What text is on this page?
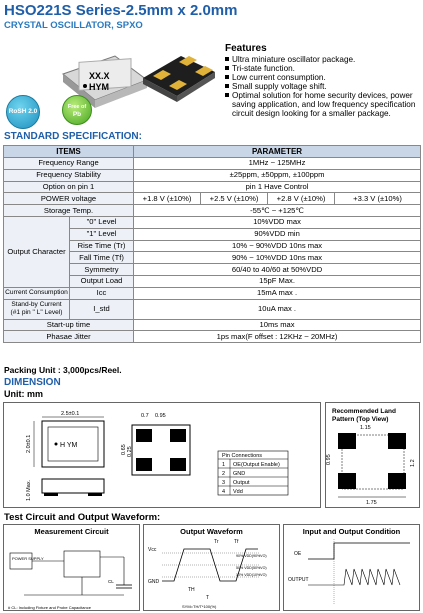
HSO221S Series-2.5mm x 2.0mm
CRYSTAL OSCILLATOR, SPXO
XX.X
HYM
RoSH 2.0
Free of
Pb
Features
Ultra miniature oscillator package.
Tri-state function.
Low current consumption.
Small supply voltage shift.
Optimal solution for home security devices, power saving application, and low frequency specification circuit design looking for a smaller package.
STANDARD SPECIFICATION:
ITEMS		PARAMETER			
Frequency Range		1MHz ~ 125MHz			
Frequency Stability		±25ppm, ±50ppm, ±100ppm			
Option on pin 1		pin 1 Have Control			
POWER voltage		+1.8 V (±10%)	+2.5 V (±10%)	+2.8 V (±10%)	+3.3 V (±10%)
Storage Temp.		-55℃ ~ +125℃			
Output Character	"0" Level	10%VDD max			
	"1" Level	90%VDD min			
	Rise Time (Tr)	10% ~ 90%VDD 10ns max			
	Fall Time (Tf)	90% ~ 10%VDD 10ns max			
	Symmetry	60/40 to 40/60 at 50%VDD			
	Output Load	15pF Max.			
Current Consumption	Icc	15mA max .			
Stand-by Current
(#1 pin " L" Level)	I_std	10uA max .			
Start-up time		10ms max			
Phasae Jitter		1ps max(F offset : 12KHz ~ 20MHz)			
Packing Unit : 3,000pcs/Reel.
DIMENSION
Unit: mm
2.5±0.1
H YM
2.0±0.1
1.0 Max.
0.7 0.95
0.65 0.25	Pin Connections
1 OE(Output Enable)
2 GND
3 Output
4 Vdd
Recommended Land
Pattern (Top View)
1.15
1.2
0.95
1.75
Test Circuit and Output Waveform:
Measurement Circuit
POWER SUPPLY
CL
# CL: Including Fixture and Probe Capacitance
Output Waveform
Tr	Tf
Vcc
GND
90% VDD(90%VO)
50% VDD(50%VO)
10% VDD(10%VO)
TH
T
SYM=TH/T*100(%)
Input and Output Condition
OE
OUTPUT
